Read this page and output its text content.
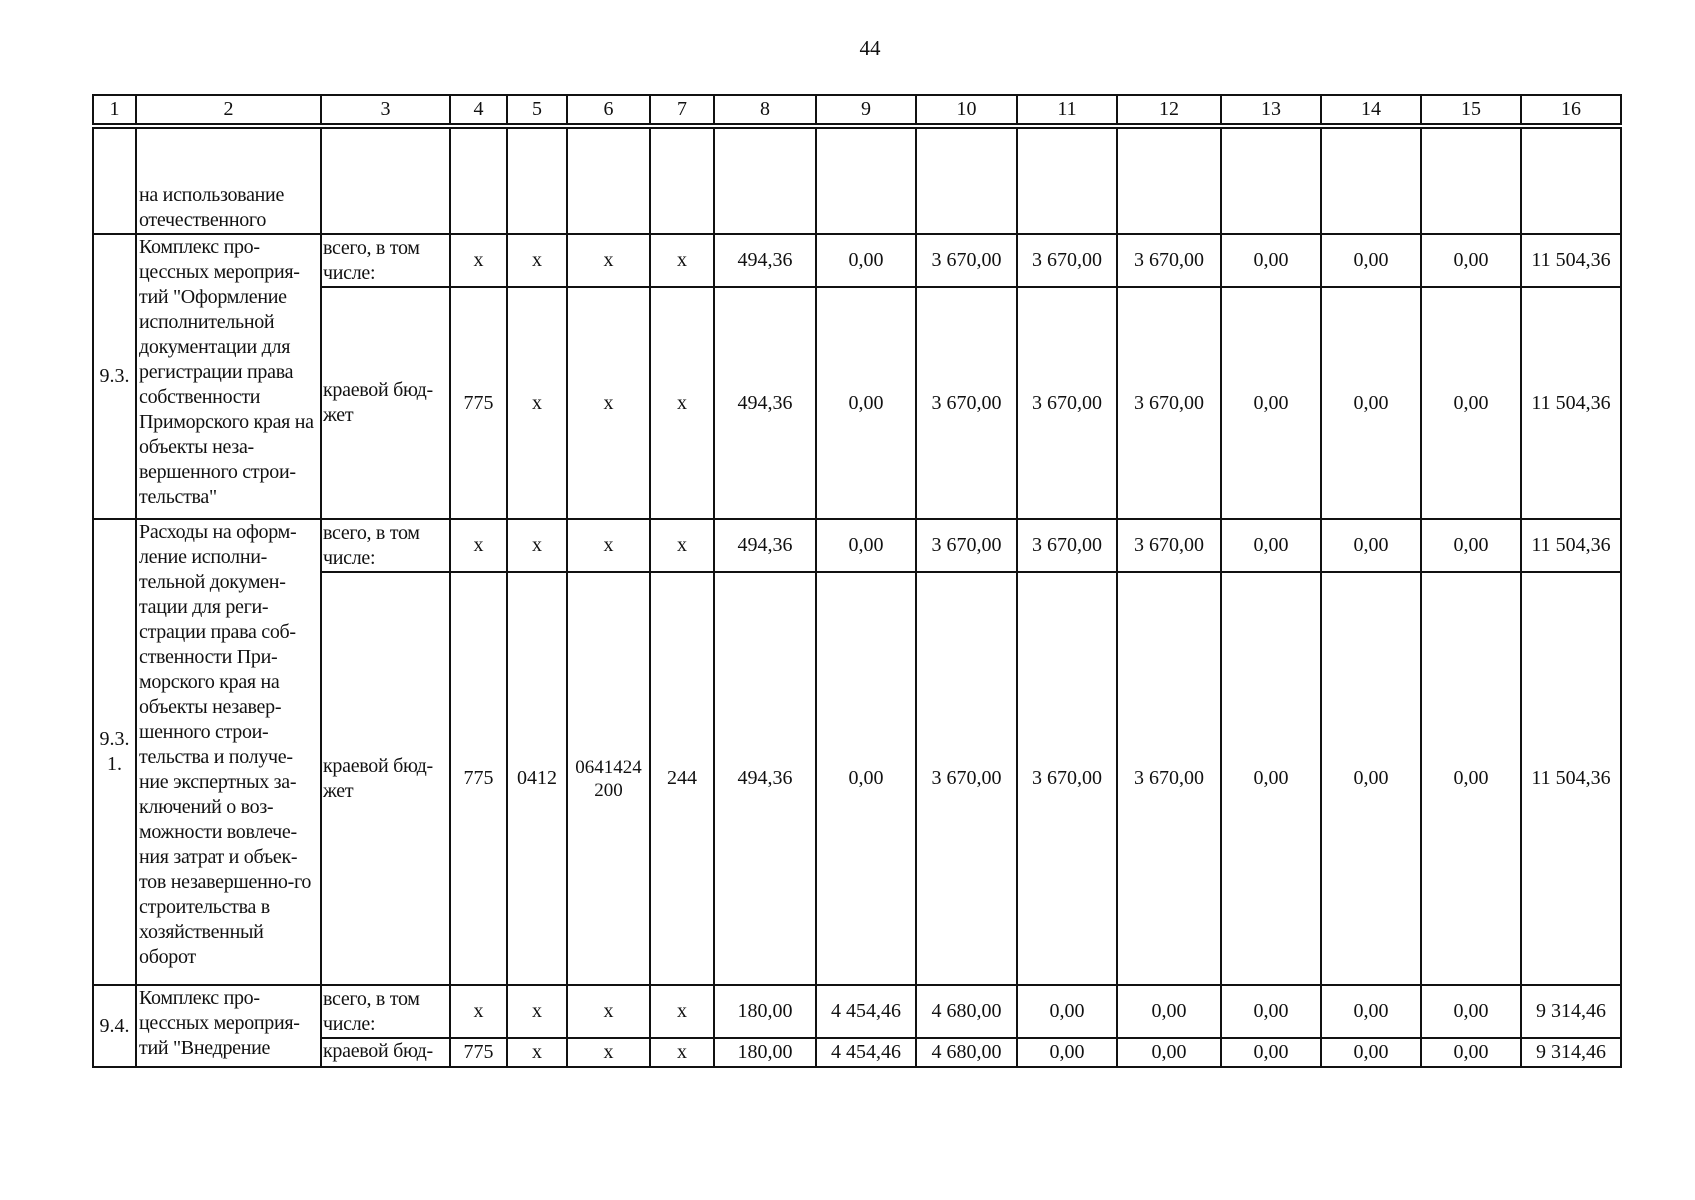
44
1	2	3	4	5	6	7	8	9	10	11	12	13	14	15	16
	на использование отечественного														
9.3.	Комплекс про-цессных мероприя-тий "Оформление исполнительной документации для регистрации права собственности Приморского края на объекты неза-вершенного строи-тельства"	всего, в том числе:	x	x	x	x	494,36	0,00	3 670,00	3 670,00	3 670,00	0,00	0,00	0,00	11 504,36
		краевой бюд-жет	775	x	x	x	494,36	0,00	3 670,00	3 670,00	3 670,00	0,00	0,00	0,00	11 504,36
9.3. 1.	Расходы на оформ-ление исполни-тельной докумен-тации для реги-страции права соб-ственности При-морского края на объекты незавер-шенного строи-тельства и получе-ние экспертных за-ключений о воз-можности вовлече-ния затрат и объек-тов незавершенно-го строительства в хозяйственный оборот	всего, в том числе:	x	x	x	x	494,36	0,00	3 670,00	3 670,00	3 670,00	0,00	0,00	0,00	11 504,36
		краевой бюд-жет	775	0412	0641424 200	244	494,36	0,00	3 670,00	3 670,00	3 670,00	0,00	0,00	0,00	11 504,36
9.4.	Комплекс про-цессных мероприя-тий "Внедрение	всего, в том числе:	x	x	x	x	180,00	4 454,46	4 680,00	0,00	0,00	0,00	0,00	0,00	9 314,46
		краевой бюд-	775	x	x	x	180,00	4 454,46	4 680,00	0,00	0,00	0,00	0,00	0,00	9 314,46
